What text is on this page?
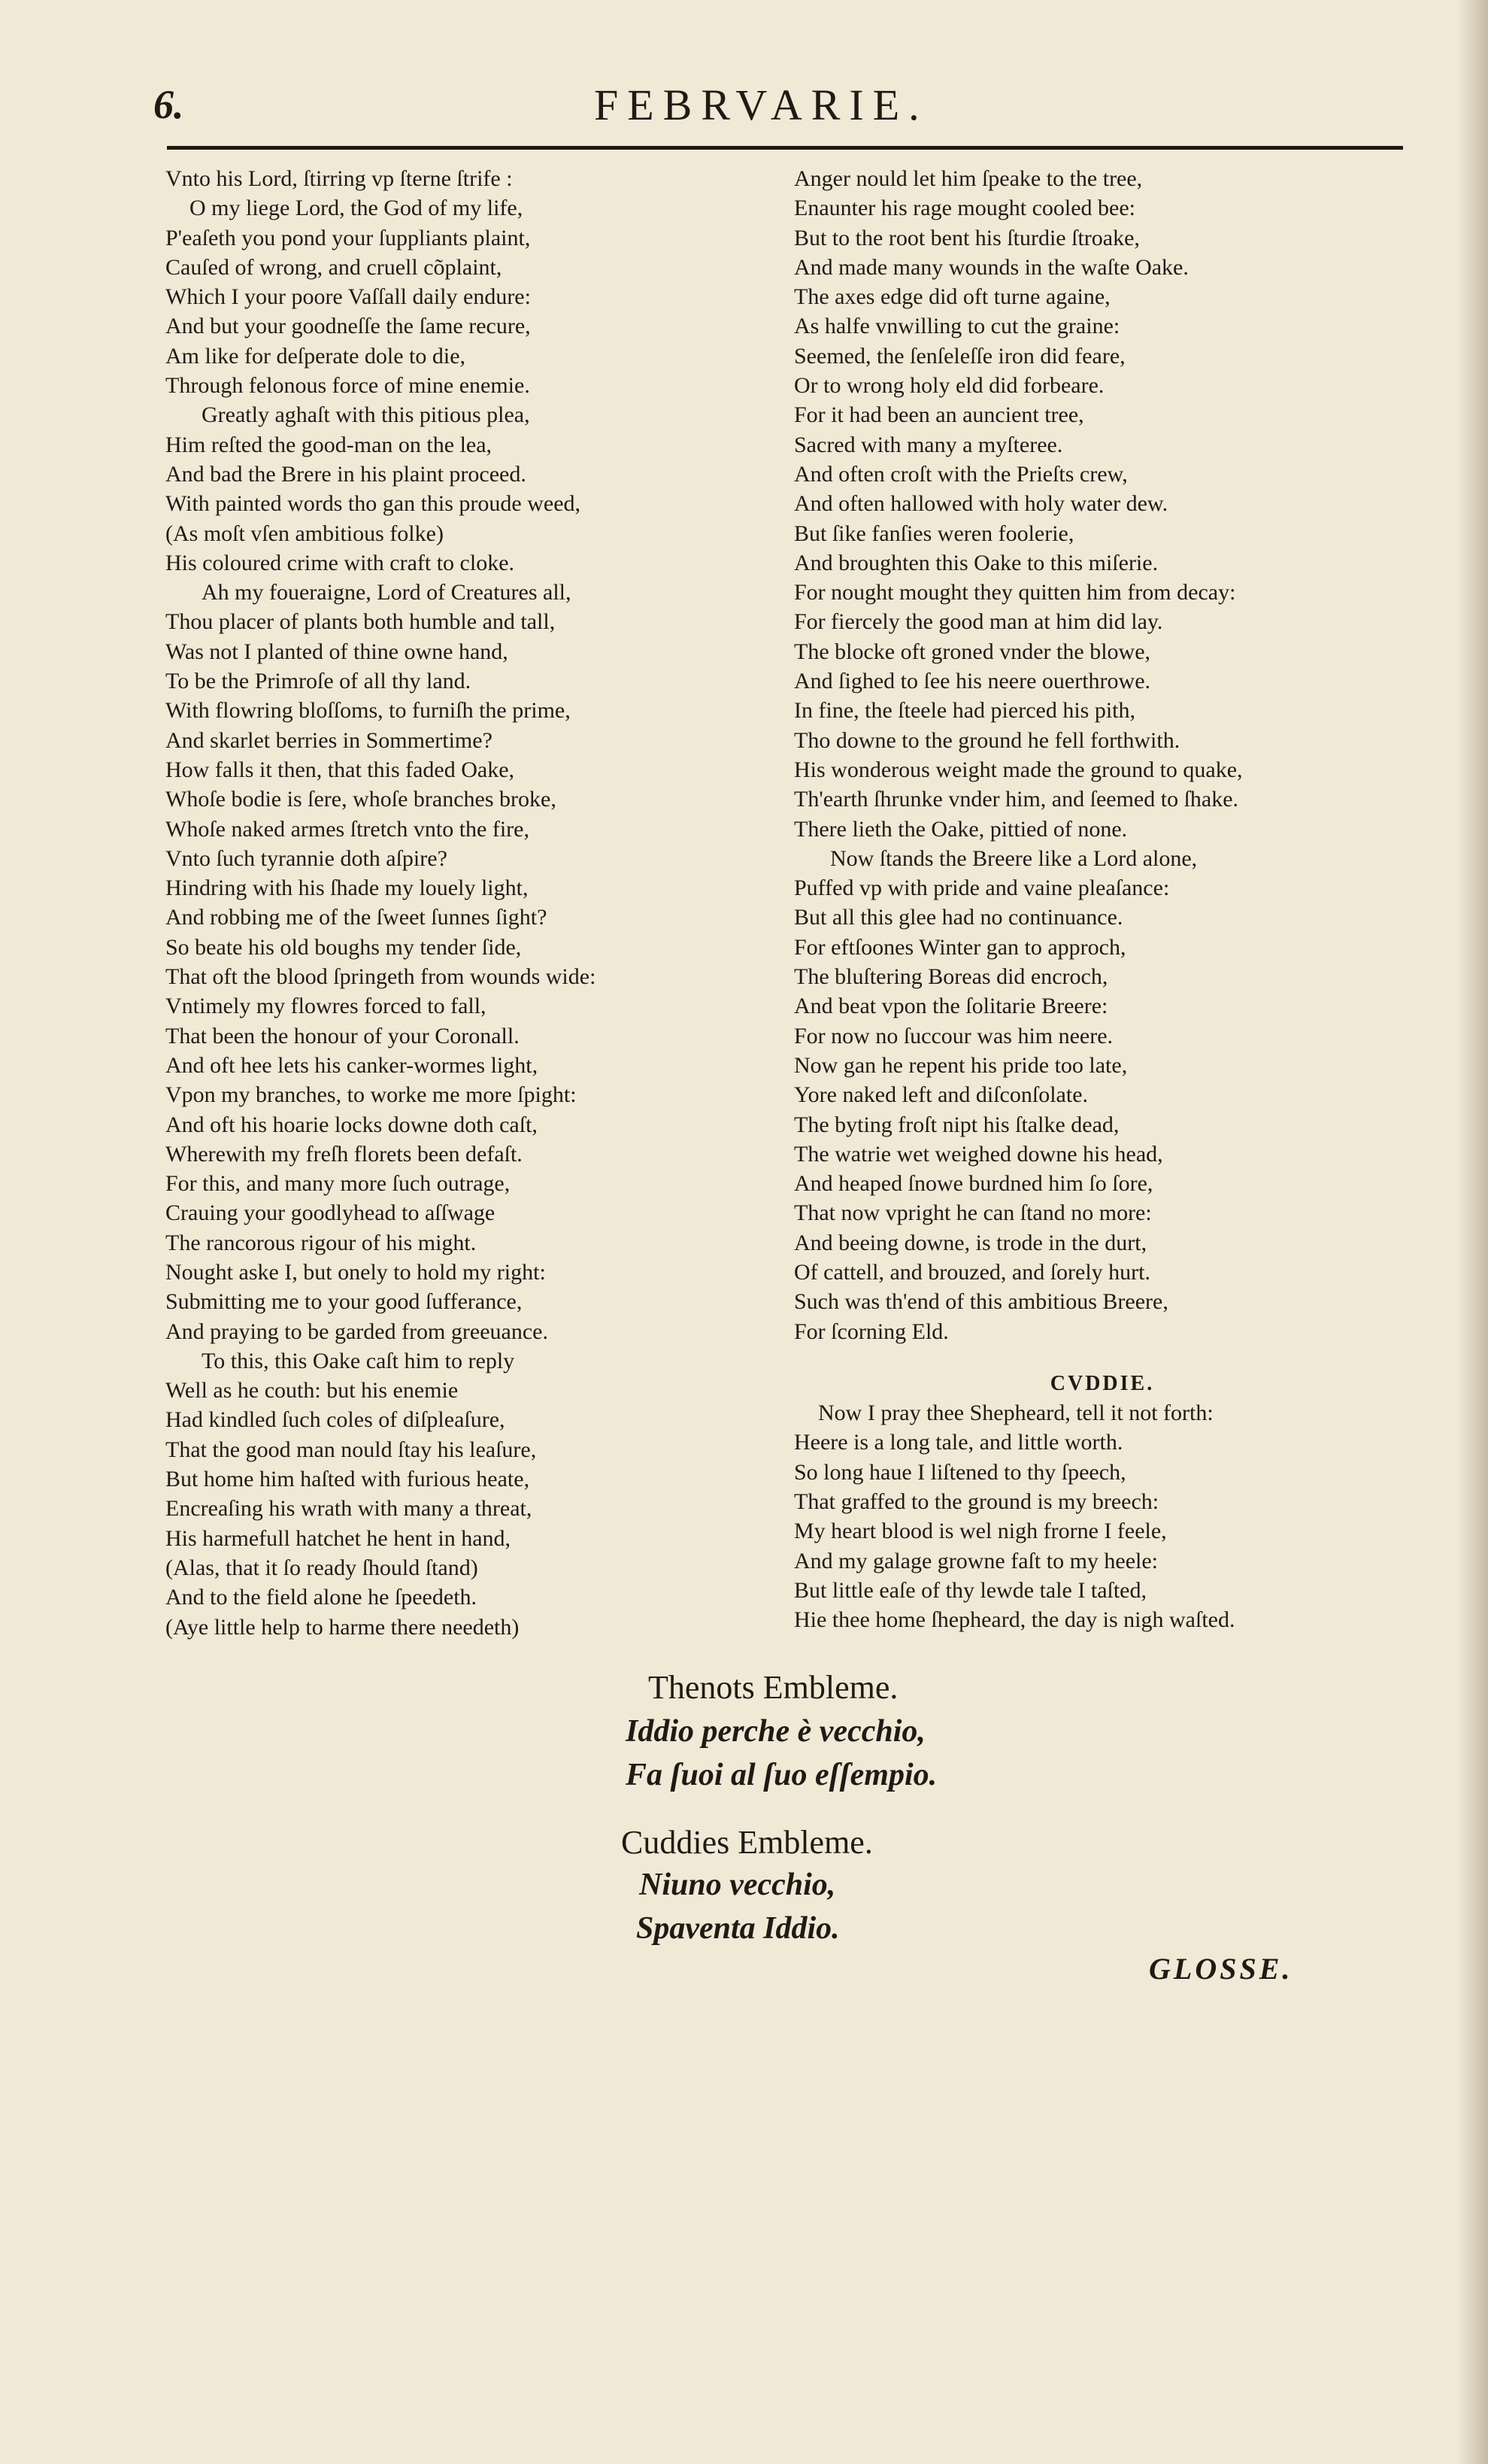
6.	FEBRVARIE.
Vnto his Lord, ſtirring vp ſterne ſtrife :
O my liege Lord, the God of my life,
P'eaſeth you pond your ſuppliants plaint,
Cauſed of wrong, and cruell cõplaint,
Which I your poore Vaſſall daily endure:
And but your goodneſſe the ſame recure,
Am like for deſperate dole to die,
Through felonous force of mine enemie.
Greatly aghaſt with this pitious plea,
Him reſted the good-man on the lea,
And bad the Brere in his plaint proceed.
With painted words tho gan this proude weed,
(As moſt vſen ambitious folke)
His coloured crime with craft to cloke.
Ah my foueraigne, Lord of Creatures all,
Thou placer of plants both humble and tall,
Was not I planted of thine owne hand,
To be the Primroſe of all thy land.
With flowring bloſſoms, to furniſh the prime,
And skarlet berries in Sommertime?
How falls it then, that this faded Oake,
Whoſe bodie is ſere, whoſe branches broke,
Whoſe naked armes ſtretch vnto the fire,
Vnto ſuch tyrannie doth aſpire?
Hindring with his ſhade my louely light,
And robbing me of the ſweet ſunnes ſight?
So beate his old boughs my tender ſide,
That oft the blood ſpringeth from wounds wide:
Vntimely my flowres forced to fall,
That been the honour of your Coronall.
And oft hee lets his canker-wormes light,
Vpon my branches, to worke me more ſpight:
And oft his hoarie locks downe doth caſt,
Wherewith my freſh florets been defaſt.
For this, and many more ſuch outrage,
Crauing your goodlyhead to aſſwage
The rancorous rigour of his might.
Nought aske I, but onely to hold my right:
Submitting me to your good ſufferance,
And praying to be garded from greeuance.
To this, this Oake caſt him to reply
Well as he couth: but his enemie
Had kindled ſuch coles of diſpleaſure,
That the good man nould ſtay his leaſure,
But home him haſted with furious heate,
Encreaſing his wrath with many a threat,
His harmefull hatchet he hent in hand,
(Alas, that it ſo ready ſhould ſtand)
And to the field alone he ſpeedeth.
(Aye little help to harme there needeth)
Anger nould let him ſpeake to the tree,
Enaunter his rage mought cooled bee:
But to the root bent his ſturdie ſtroake,
And made many wounds in the waſte Oake.
The axes edge did oft turne againe,
As halfe vnwilling to cut the graine:
Seemed, the ſenſeleſſe iron did feare,
Or to wrong holy eld did forbeare.
For it had been an auncient tree,
Sacred with many a myſteree.
And often croſt with the Prieſts crew,
And often hallowed with holy water dew.
But ſike fanſies weren foolerie,
And broughten this Oake to this miſerie.
For nought mought they quitten him from decay:
For fiercely the good man at him did lay.
The blocke oft groned vnder the blowe,
And ſighed to ſee his neere ouerthrowe.
In fine, the ſteele had pierced his pith,
Tho downe to the ground he fell forthwith.
His wonderous weight made the ground to quake,
Th'earth ſhrunke vnder him, and ſeemed to ſhake.
There lieth the Oake, pittied of none.
Now ſtands the Breere like a Lord alone,
Puffed vp with pride and vaine pleaſance:
But all this glee had no continuance.
For eftſoones Winter gan to approch,
The bluſtering Boreas did encroch,
And beat vpon the ſolitarie Breere:
For now no ſuccour was him neere.
Now gan he repent his pride too late,
Yore naked left and diſconſolate.
The byting froſt nipt his ſtalke dead,
The watrie wet weighed downe his head,
And heaped ſnowe burdned him ſo ſore,
That now vpright he can ſtand no more:
And beeing downe, is trode in the durt,
Of cattell, and brouzed, and ſorely hurt.
Such was th'end of this ambitious Breere,
For ſcorning Eld.
CVDDIE.
Now I pray thee Shepheard, tell it not forth:
Heere is a long tale, and little worth.
So long haue I liſtened to thy ſpeech,
That graffed to the ground is my breech:
My heart blood is wel nigh frorne I feele,
And my galage growne faſt to my heele:
But little eaſe of thy lewde tale I taſted,
Hie thee home ſhepheard, the day is nigh waſted.
Thenots Embleme.
Iddio perche è vecchio,
Fa ſuoi al ſuo eſſempio.
Cuddies Embleme.
Niuno vecchio,
Spaventa Iddio.
GLOSSE.
